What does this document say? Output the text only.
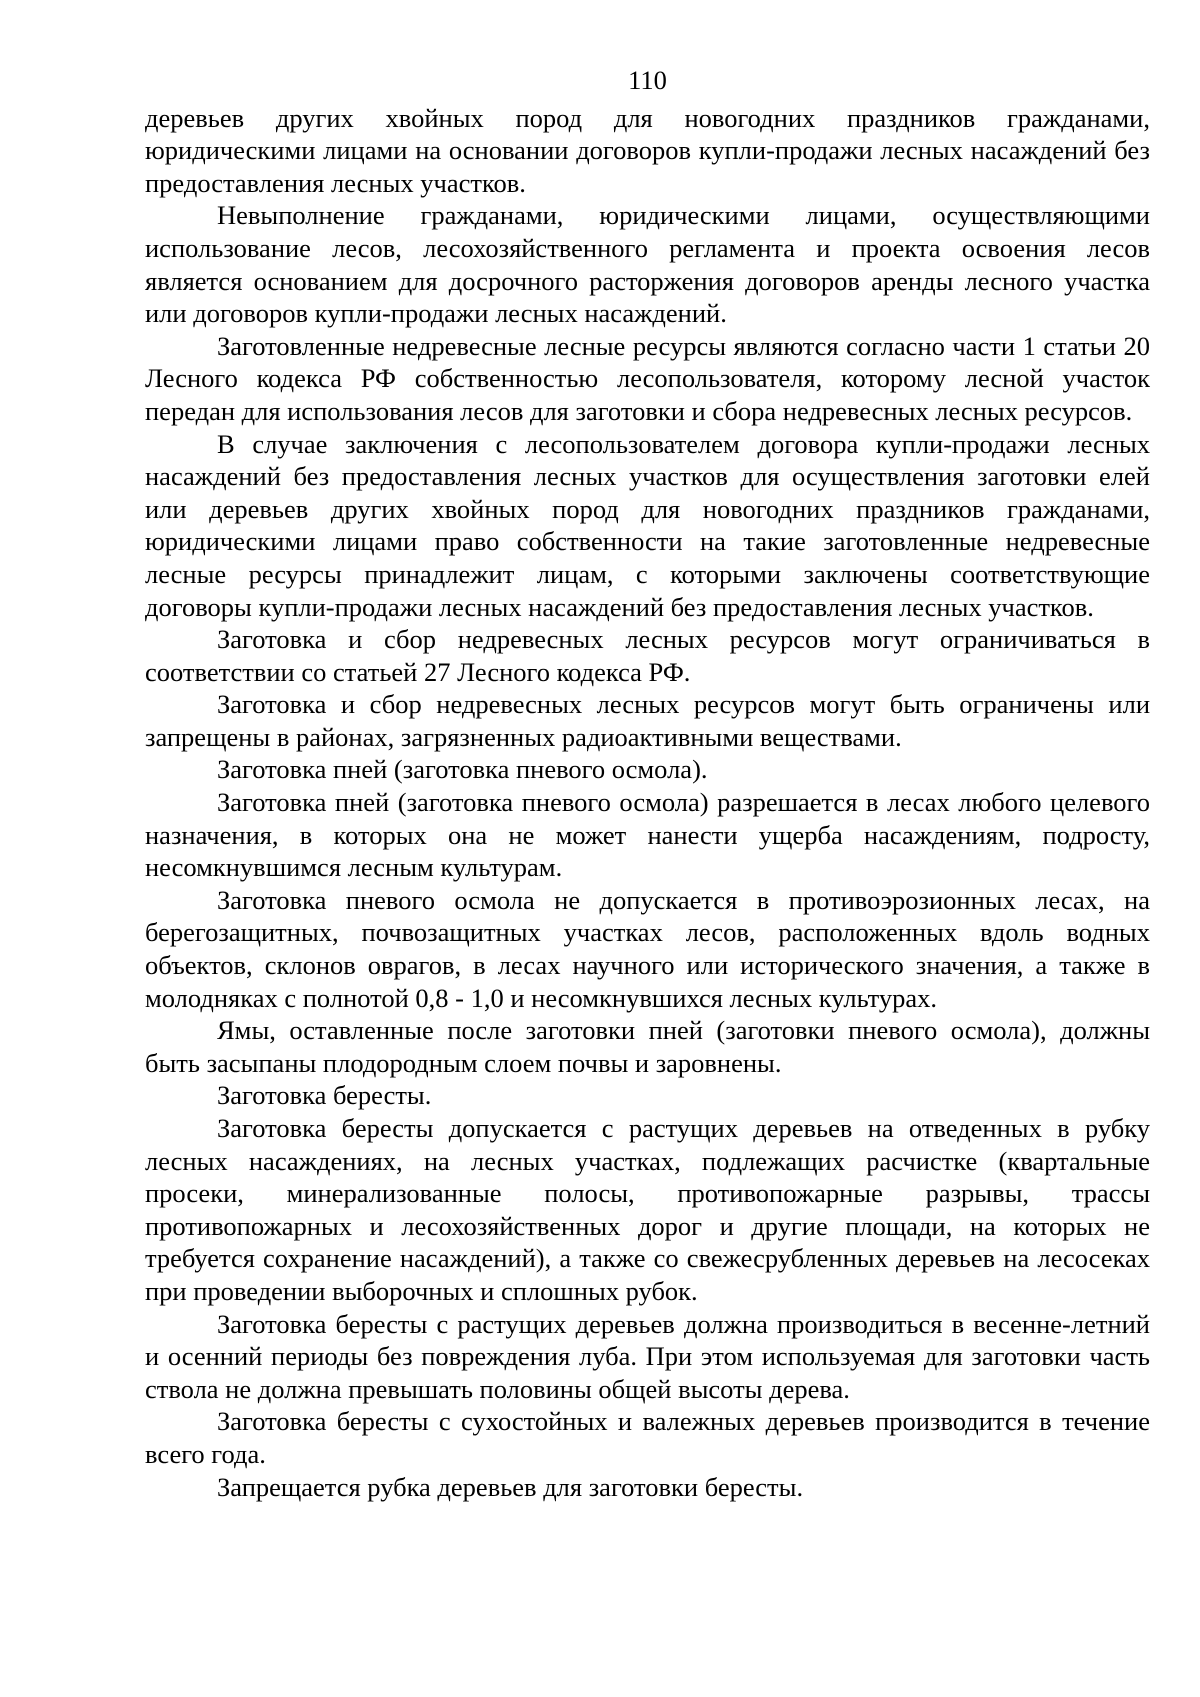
110

деревьев других хвойных пород для новогодних праздников гражданами, юридическими лицами на основании договоров купли-продажи лесных насаждений без предоставления лесных участков.

Невыполнение гражданами, юридическими лицами, осуществляющими использование лесов, лесохозяйственного регламента и проекта освоения лесов является основанием для досрочного расторжения договоров аренды лесного участка или договоров купли-продажи лесных насаждений.

Заготовленные недревесные лесные ресурсы являются согласно части 1 статьи 20 Лесного кодекса РФ собственностью лесопользователя, которому лесной участок передан для использования лесов для заготовки и сбора недревесных лесных ресурсов.

В случае заключения с лесопользователем договора купли-продажи лесных насаждений без предоставления лесных участков для осуществления заготовки елей или деревьев других хвойных пород для новогодних праздников гражданами, юридическими лицами право собственности на такие заготовленные недревесные лесные ресурсы принадлежит лицам, с которыми заключены соответствующие договоры купли-продажи лесных насаждений без предоставления лесных участков.

Заготовка и сбор недревесных лесных ресурсов могут ограничиваться в соответствии со статьей 27 Лесного кодекса РФ.

Заготовка и сбор недревесных лесных ресурсов могут быть ограничены или запрещены в районах, загрязненных радиоактивными веществами.

Заготовка пней (заготовка пневого осмола).

Заготовка пней (заготовка пневого осмола) разрешается в лесах любого целевого назначения, в которых она не может нанести ущерба насаждениям, подросту, несомкнувшимся лесным культурам.

Заготовка пневого осмола не допускается в противоэрозионных лесах, на берегозащитных, почвозащитных участках лесов, расположенных вдоль водных объектов, склонов оврагов, в лесах научного или исторического значения, а также в молодняках с полнотой 0,8 - 1,0 и несомкнувшихся лесных культурах.

Ямы, оставленные после заготовки пней (заготовки пневого осмола), должны быть засыпаны плодородным слоем почвы и заровнены.

Заготовка бересты.

Заготовка бересты допускается с растущих деревьев на отведенных в рубку лесных насаждениях, на лесных участках, подлежащих расчистке (квартальные просеки, минерализованные полосы, противопожарные разрывы, трассы противопожарных и лесохозяйственных дорог и другие площади, на которых не требуется сохранение насаждений), а также со свежесрубленных деревьев на лесосеках при проведении выборочных и сплошных рубок.

Заготовка бересты с растущих деревьев должна производиться в весенне-летний и осенний периоды без повреждения луба. При этом используемая для заготовки часть ствола не должна превышать половины общей высоты дерева.

Заготовка бересты с сухостойных и валежных деревьев производится в течение всего года.

Запрещается рубка деревьев для заготовки бересты.
